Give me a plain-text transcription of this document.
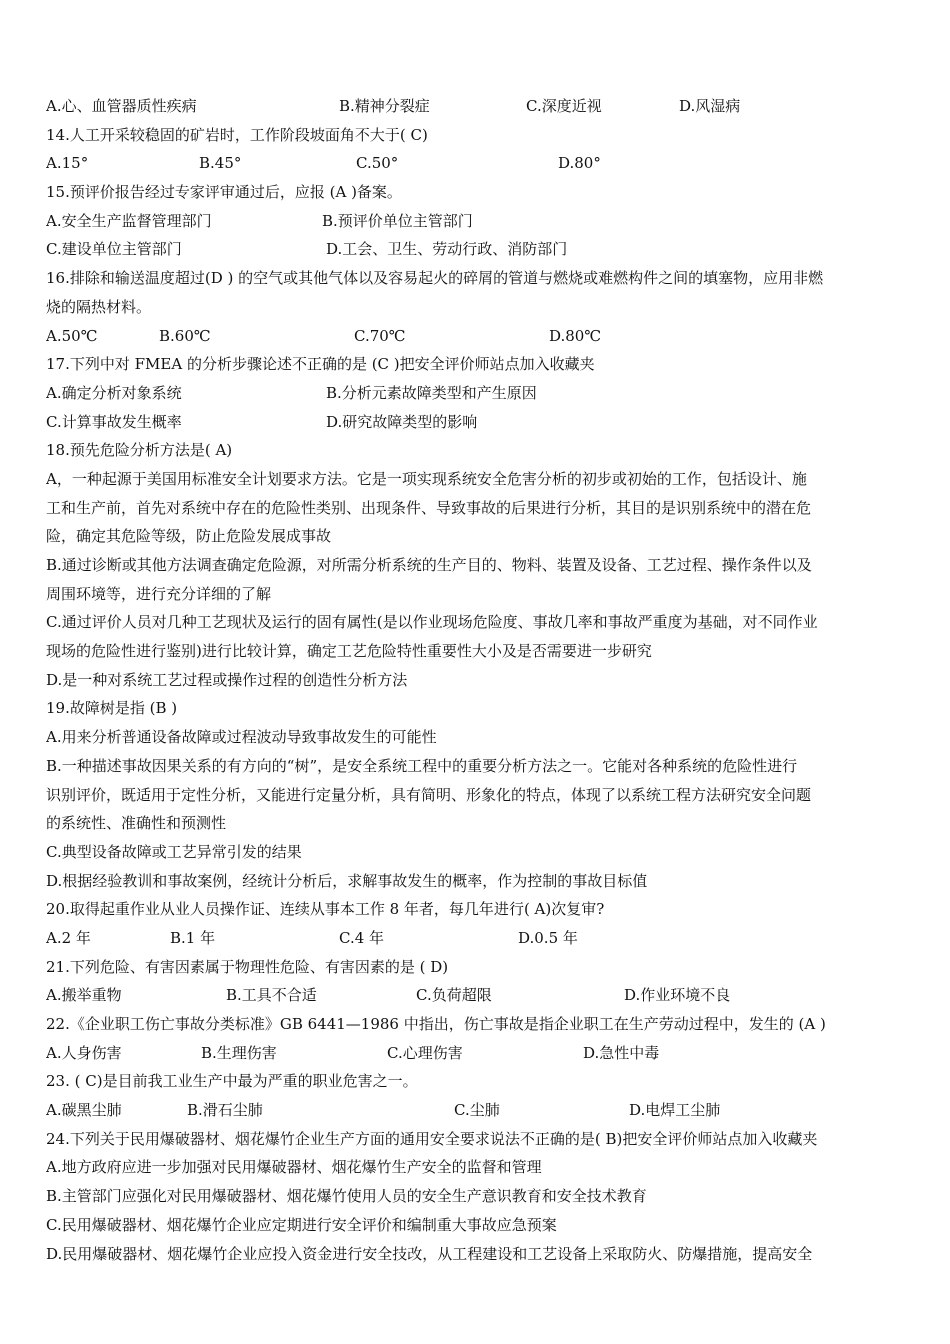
A.心、血管器质性疾病	B.精神分裂症	C.深度近视	D.风湿病
14.人工开采较稳固的矿岩时，工作阶段坡面角不大于( C)
A.15°	B.45°	C.50°	D.80°
15.预评价报告经过专家评审通过后，应报 (A )备案。
A.安全生产监督管理部门	B.预评价单位主管部门
C.建设单位主管部门	D.工会、卫生、劳动行政、消防部门
16.排除和输送温度超过(D ) 的空气或其他气体以及容易起火的碎屑的管道与燃烧或难燃构件之间的填塞物，应用非燃
烧的隔热材料。
A.50℃	B.60℃	C.70℃	D.80℃
17.下列中对 FMEA 的分析步骤论述不正确的是 (C )把安全评价师站点加入收藏夹
A.确定分析对象系统	B.分析元素故障类型和产生原因
C.计算事故发生概率	D.研究故障类型的影响
18.预先危险分析方法是( A)
A，一种起源于美国用标准安全计划要求方法。它是一项实现系统安全危害分析的初步或初始的工作，包括设计、施
工和生产前，首先对系统中存在的危险性类别、出现条件、导致事故的后果进行分析，其目的是识别系统中的潜在危
险，确定其危险等级，防止危险发展成事故
B.通过诊断或其他方法调查确定危险源，对所需分析系统的生产目的、物料、装置及设备、工艺过程、操作条件以及
周围环境等，进行充分详细的了解
C.通过评价人员对几种工艺现状及运行的固有属性(是以作业现场危险度、事故几率和事故严重度为基础，对不同作业
现场的危险性进行鉴别)进行比较计算，确定工艺危险特性重要性大小及是否需要进一步研究
D.是一种对系统工艺过程或操作过程的创造性分析方法
19.故障树是指 (B )
A.用来分析普通设备故障或过程波动导致事故发生的可能性
B.一种描述事故因果关系的有方向的“树”，是安全系统工程中的重要分析方法之一。它能对各种系统的危险性进行
识别评价，既适用于定性分析，又能进行定量分析，具有简明、形象化的特点，体现了以系统工程方法研究安全问题
的系统性、准确性和预测性
C.典型设备故障或工艺异常引发的结果
D.根据经验教训和事故案例，经统计分析后，求解事故发生的概率，作为控制的事故目标值
20.取得起重作业从业人员操作证、连续从事本工作 8 年者，每几年进行( A)次复审?
A.2 年	B.1 年	C.4 年	D.0.5 年
21.下列危险、有害因素属于物理性危险、有害因素的是 ( D)
A.搬举重物	B.工具不合适	C.负荷超限	D.作业环境不良
22.《企业职工伤亡事故分类标准》GB 6441—1986 中指出，伤亡事故是指企业职工在生产劳动过程中，发生的 (A )
A.人身伤害	B.生理伤害	C.心理伤害	D.急性中毒
23. ( C)是目前我工业生产中最为严重的职业危害之一。
A.碳黑尘肺	B.滑石尘肺	C.尘肺	D.电焊工尘肺
24.下列关于民用爆破器材、烟花爆竹企业生产方面的通用安全要求说法不正确的是( B)把安全评价师站点加入收藏夹
A.地方政府应进一步加强对民用爆破器材、烟花爆竹生产安全的监督和管理
B.主管部门应强化对民用爆破器材、烟花爆竹使用人员的安全生产意识教育和安全技术教育
C.民用爆破器材、烟花爆竹企业应定期进行安全评价和编制重大事故应急预案
D.民用爆破器材、烟花爆竹企业应投入资金进行安全技改，从工程建设和工艺设备上采取防火、防爆措施，提高安全
